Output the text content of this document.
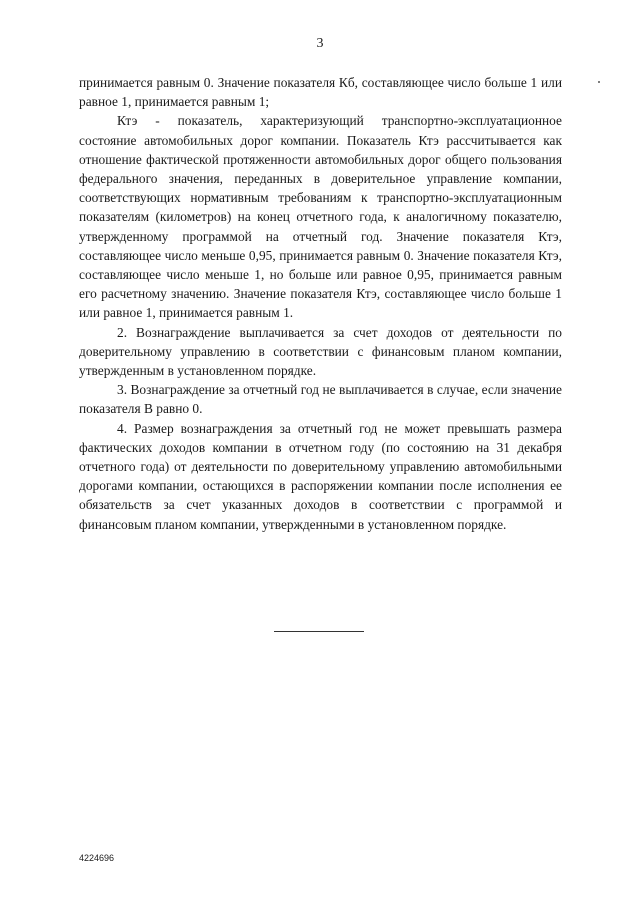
3

принимается равным 0. Значение показателя Кб, составляющее число больше 1 или равное 1, принимается равным 1;

Ктэ - показатель, характеризующий транспортно-эксплуатационное состояние автомобильных дорог компании. Показатель Ктэ рассчитывается как отношение фактической протяженности автомобильных дорог общего пользования федерального значения, переданных в доверительное управление компании, соответствующих нормативным требованиям к транспортно-эксплуатационным показателям (километров) на конец отчетного года, к аналогичному показателю, утвержденному программой на отчетный год. Значение показателя Ктэ, составляющее число меньше 0,95, принимается равным 0. Значение показателя Ктэ, составляющее число меньше 1, но больше или равное 0,95, принимается равным его расчетному значению. Значение показателя Ктэ, составляющее число больше 1 или равное 1, принимается равным 1.

2. Вознаграждение выплачивается за счет доходов от деятельности по доверительному управлению в соответствии с финансовым планом компании, утвержденным в установленном порядке.

3. Вознаграждение за отчетный год не выплачивается в случае, если значение показателя В равно 0.

4. Размер вознаграждения за отчетный год не может превышать размера фактических доходов компании в отчетном году (по состоянию на 31 декабря отчетного года) от деятельности по доверительному управлению автомобильными дорогами компании, остающихся в распоряжении компании после исполнения ее обязательств за счет указанных доходов в соответствии с программой и финансовым планом компании, утвержденными в установленном порядке.

4224696
